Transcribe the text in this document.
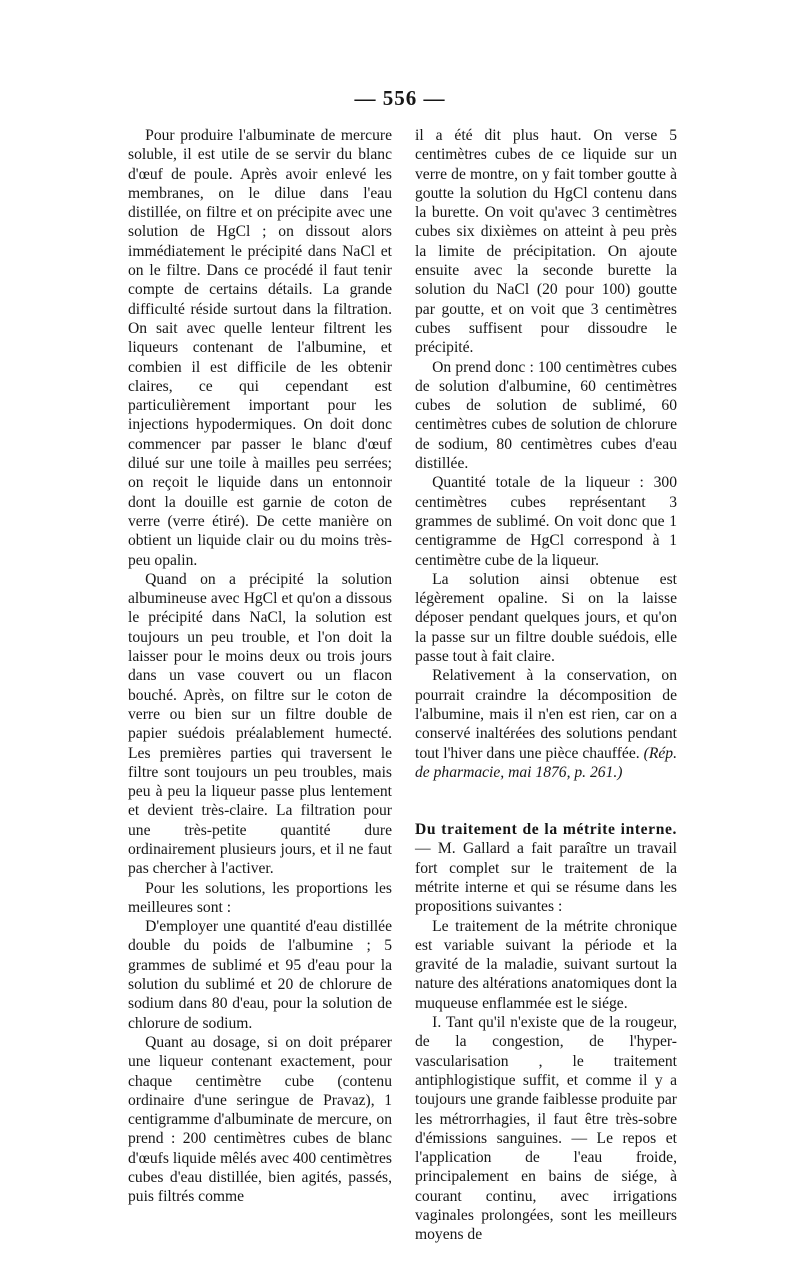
— 556 —

Pour produire l'albuminate de mercure soluble, il est utile de se servir du blanc d'œuf de poule. Après avoir enlevé les membranes, on le dilue dans l'eau distillée, on filtre et on précipite avec une solution de HgCl ; on dissout alors immédiatement le précipité dans NaCl et on le filtre. Dans ce procédé il faut tenir compte de certains détails. La grande difficulté réside surtout dans la filtration. On sait avec quelle lenteur filtrent les liqueurs contenant de l'albumine, et combien il est difficile de les obtenir claires, ce qui cependant est particulièrement important pour les injections hypodermiques. On doit donc commencer par passer le blanc d'œuf dilué sur une toile à mailles peu serrées; on reçoit le liquide dans un entonnoir dont la douille est garnie de coton de verre (verre étiré). De cette manière on obtient un liquide clair ou du moins très-peu opalin.

Quand on a précipité la solution albumineuse avec HgCl et qu'on a dissous le précipité dans NaCl, la solution est toujours un peu trouble, et l'on doit la laisser pour le moins deux ou trois jours dans un vase couvert ou un flacon bouché. Après, on filtre sur le coton de verre ou bien sur un filtre double de papier suédois préalablement humecté. Les premières parties qui traversent le filtre sont toujours un peu troubles, mais peu à peu la liqueur passe plus lentement et devient très-claire. La filtration pour une très-petite quantité dure ordinairement plusieurs jours, et il ne faut pas chercher à l'activer.

Pour les solutions, les proportions les meilleures sont :

D'employer une quantité d'eau distillée double du poids de l'albumine ; 5 grammes de sublimé et 95 d'eau pour la solution du sublimé et 20 de chlorure de sodium dans 80 d'eau, pour la solution de chlorure de sodium.

Quant au dosage, si on doit préparer une liqueur contenant exactement, pour chaque centimètre cube (contenu ordinaire d'une seringue de Pravaz), 1 centigramme d'albuminate de mercure, on prend : 200 centimètres cubes de blanc d'œufs liquide mêlés avec 400 centimètres cubes d'eau distillée, bien agités, passés, puis filtrés comme

il a été dit plus haut. On verse 5 centimètres cubes de ce liquide sur un verre de montre, on y fait tomber goutte à goutte la solution du HgCl contenu dans la burette. On voit qu'avec 3 centimètres cubes six dixièmes on atteint à peu près la limite de précipitation. On ajoute ensuite avec la seconde burette la solution du NaCl (20 pour 100) goutte par goutte, et on voit que 3 centimètres cubes suffisent pour dissoudre le précipité.

On prend donc : 100 centimètres cubes de solution d'albumine, 60 centimètres cubes de solution de sublimé, 60 centimètres cubes de solution de chlorure de sodium, 80 centimètres cubes d'eau distillée.

Quantité totale de la liqueur : 300 centimètres cubes représentant 3 grammes de sublimé. On voit donc que 1 centigramme de HgCl correspond à 1 centimètre cube de la liqueur.

La solution ainsi obtenue est légèrement opaline. Si on la laisse déposer pendant quelques jours, et qu'on la passe sur un filtre double suédois, elle passe tout à fait claire.

Relativement à la conservation, on pourrait craindre la décomposition de l'albumine, mais il n'en est rien, car on a conservé inaltérées des solutions pendant tout l'hiver dans une pièce chauffée. (Rép. de pharmacie, mai 1876, p. 261.)

Du traitement de la métrite interne. — M. Gallard a fait paraître un travail fort complet sur le traitement de la métrite interne et qui se résume dans les propositions suivantes :

Le traitement de la métrite chronique est variable suivant la période et la gravité de la maladie, suivant surtout la nature des altérations anatomiques dont la muqueuse enflammée est le siége.

I. Tant qu'il n'existe que de la rougeur, de la congestion, de l'hyper-vascularisation , le traitement antiphlogistique suffit, et comme il y a toujours une grande faiblesse produite par les métrorrhagies, il faut être très-sobre d'émissions sanguines. — Le repos et l'application de l'eau froide, principalement en bains de siége, à courant continu, avec irrigations vaginales prolongées, sont les meilleurs moyens de
